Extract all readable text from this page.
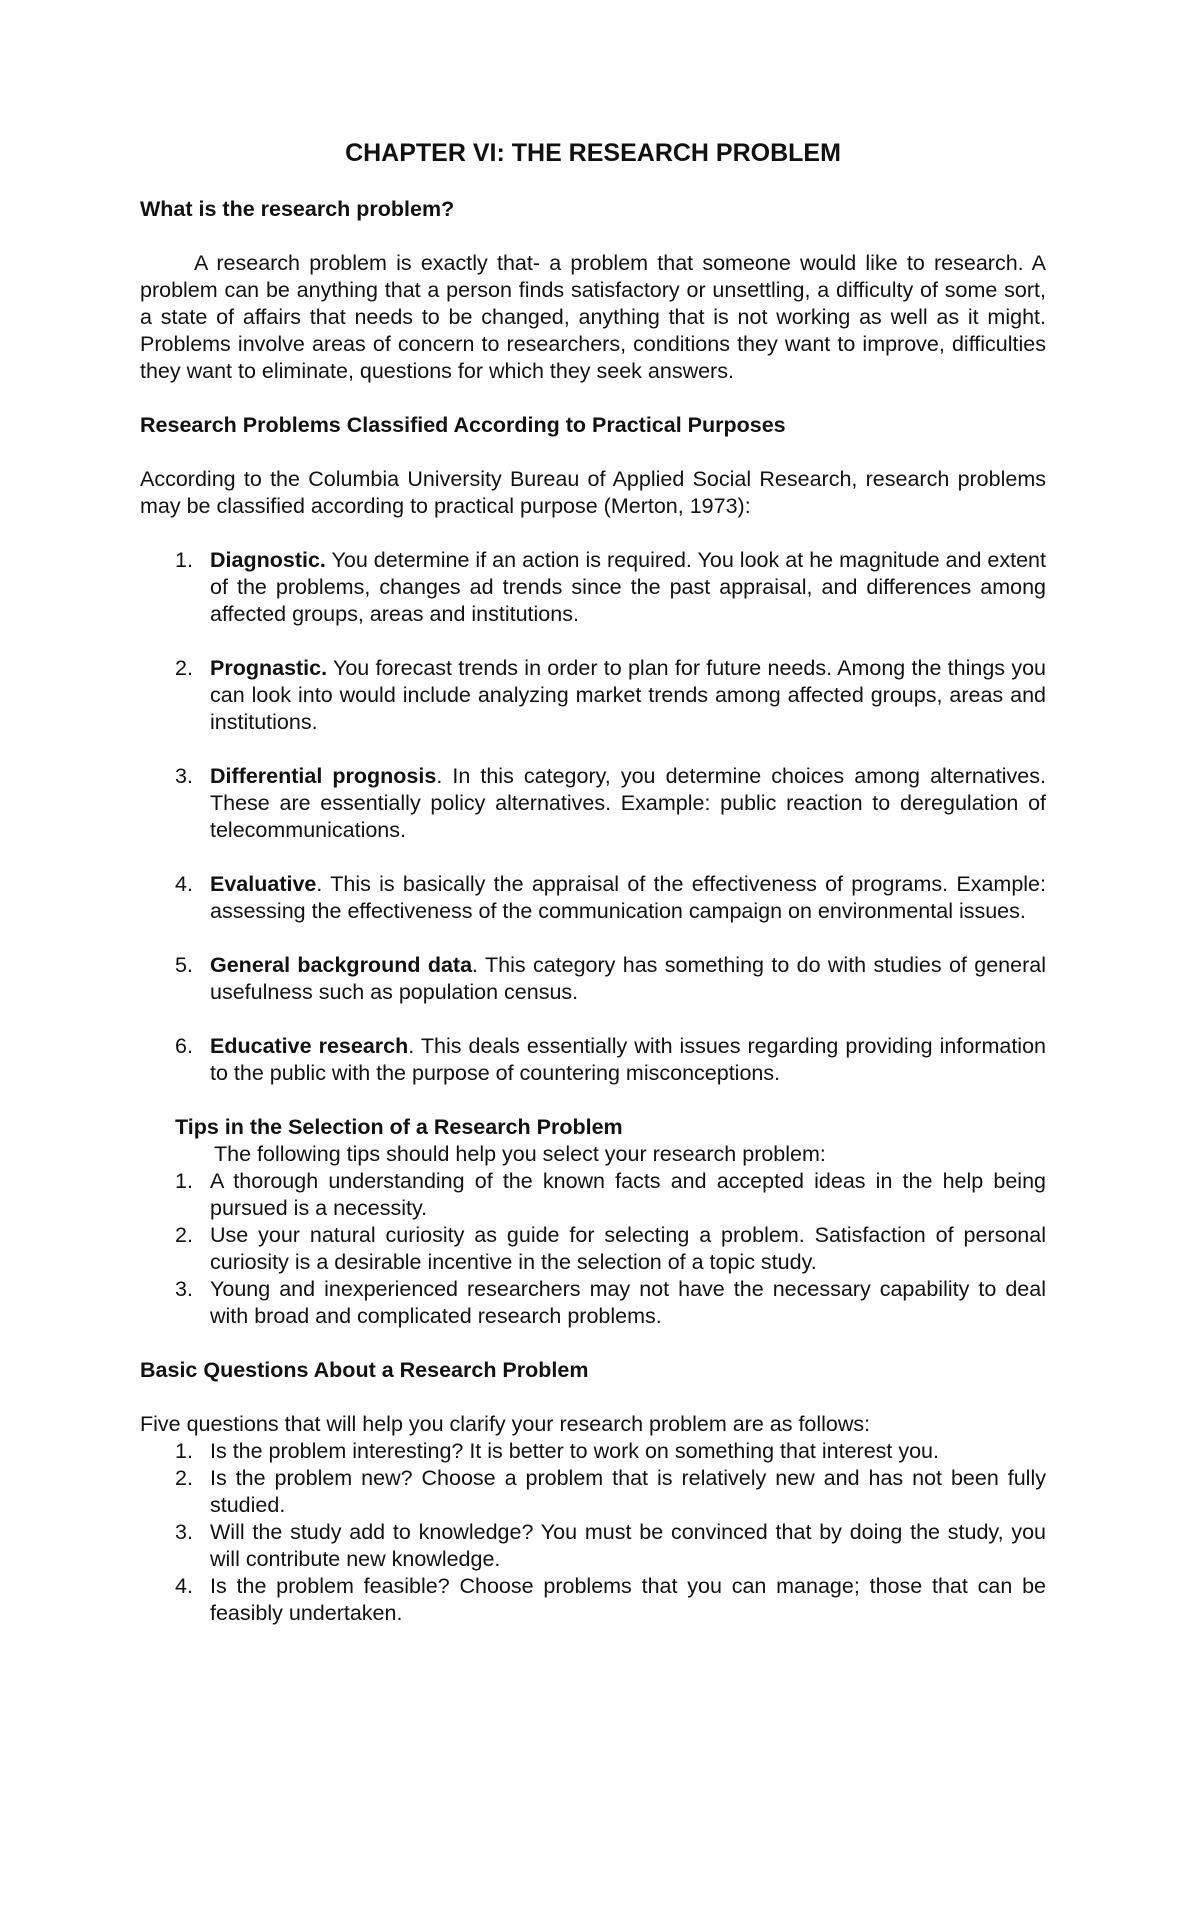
CHAPTER VI: THE RESEARCH PROBLEM

What is the research problem?

A research problem is exactly that- a problem that someone would like to research. A problem can be anything that a person finds satisfactory or unsettling, a difficulty of some sort, a state of affairs that needs to be changed, anything that is not working as well as it might. Problems involve areas of concern to researchers, conditions they want to improve, difficulties they want to eliminate, questions for which they seek answers.

Research Problems Classified According to Practical Purposes

According to the Columbia University Bureau of Applied Social Research, research problems may be classified according to practical purpose (Merton, 1973):

1. Diagnostic. You determine if an action is required. You look at he magnitude and extent of the problems, changes ad trends since the past appraisal, and differences among affected groups, areas and institutions.
2. Prognastic. You forecast trends in order to plan for future needs. Among the things you can look into would include analyzing market trends among affected groups, areas and institutions.
3. Differential prognosis. In this category, you determine choices among alternatives. These are essentially policy alternatives. Example: public reaction to deregulation of telecommunications.
4. Evaluative. This is basically the appraisal of the effectiveness of programs. Example: assessing the effectiveness of the communication campaign on environmental issues.
5. General background data. This category has something to do with studies of general usefulness such as population census.
6. Educative research. This deals essentially with issues regarding providing information to the public with the purpose of countering misconceptions.

Tips in the Selection of a Research Problem

The following tips should help you select your research problem:

1. A thorough understanding of the known facts and accepted ideas in the help being pursued is a necessity.
2. Use your natural curiosity as guide for selecting a problem. Satisfaction of personal curiosity is a desirable incentive in the selection of a topic study.
3. Young and inexperienced researchers may not have the necessary capability to deal with broad and complicated research problems.

Basic Questions About a Research Problem

Five questions that will help you clarify your research problem are as follows:

1. Is the problem interesting? It is better to work on something that interest you.
2. Is the problem new? Choose a problem that is relatively new and has not been fully studied.
3. Will the study add to knowledge? You must be convinced that by doing the study, you will contribute new knowledge.
4. Is the problem feasible? Choose problems that you can manage; those that can be feasibly undertaken.
